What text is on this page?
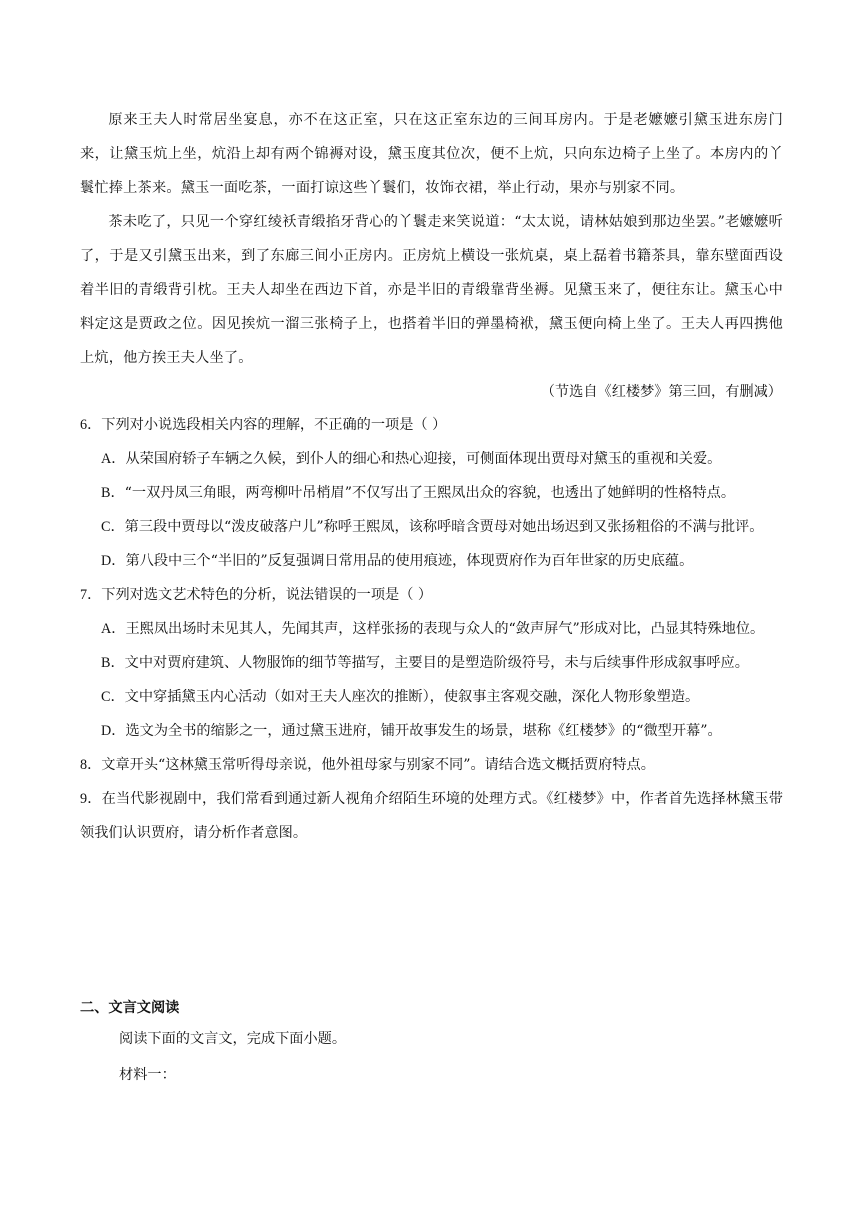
原来王夫人时常居坐宴息，亦不在这正室，只在这正室东边的三间耳房内。于是老嬷嬷引黛玉进东房门来，让黛玉炕上坐，炕沿上却有两个锦褥对设，黛玉度其位次，便不上炕，只向东边椅子上坐了。本房内的丫鬟忙捧上茶来。黛玉一面吃茶，一面打谅这些丫鬟们，妆饰衣裙，举止行动，果亦与别家不同。

茶未吃了，只见一个穿红绫袄青缎掐牙背心的丫鬟走来笑说道：“太太说，请林姑娘到那边坐罢。”老嬷嬷听了，于是又引黛玉出来，到了东廊三间小正房内。正房炕上横设一张炕桌，桌上磊着书籍茶具，靠东壁面西设着半旧的青缎背引枕。王夫人却坐在西边下首，亦是半旧的青缎靠背坐褥。见黛玉来了，便往东让。黛玉心中料定这是贾政之位。因见挨炕一溜三张椅子上，也搭着半旧的弹墨椅袱，黛玉便向椅上坐了。王夫人再四携他上炕，他方挨王夫人坐了。

（节选自《红楼梦》第三回，有删减）
6．下列对小说选段相关内容的理解，不正确的一项是（ ）
A．从荣国府轿子车辆之久候，到仆人的细心和热心迎接，可侧面体现出贾母对黛玉的重视和关爱。
B．“一双丹凤三角眼，两弯柳叶吊梢眉”不仅写出了王熙凤出众的容貌，也透出了她鲜明的性格特点。
C．第三段中贾母以“泼皮破落户儿”称呼王熙凤，该称呼暗含贾母对她出场迟到又张扬粗俗的不满与批评。
D．第八段中三个“半旧的”反复强调日常用品的使用痕迹，体现贾府作为百年世家的历史底蕴。
7．下列对选文艺术特色的分析，说法错误的一项是（ ）
A．王熙凤出场时未见其人，先闻其声，这样张扬的表现与众人的“敛声屏气”形成对比，凸显其特殊地位。
B．文中对贾府建筑、人物服饰的细节等描写，主要目的是塑造阶级符号，未与后续事件形成叙事呼应。
C．文中穿插黛玉内心活动（如对王夫人座次的推断），使叙事主客观交融，深化人物形象塑造。
D．选文为全书的缩影之一，通过黛玉进府，铺开故事发生的场景，堪称《红楼梦》的“微型开幕”。
8．文章开头“这林黛玉常听得母亲说，他外祖母家与别家不同”。请结合选文概括贾府特点。
9．在当代影视剧中，我们常看到通过新人视角介绍陌生环境的处理方式。《红楼梦》中，作者首先选择林黛玉带领我们认识贾府，请分析作者意图。
二、文言文阅读

阅读下面的文言文，完成下面小题。

材料一：
